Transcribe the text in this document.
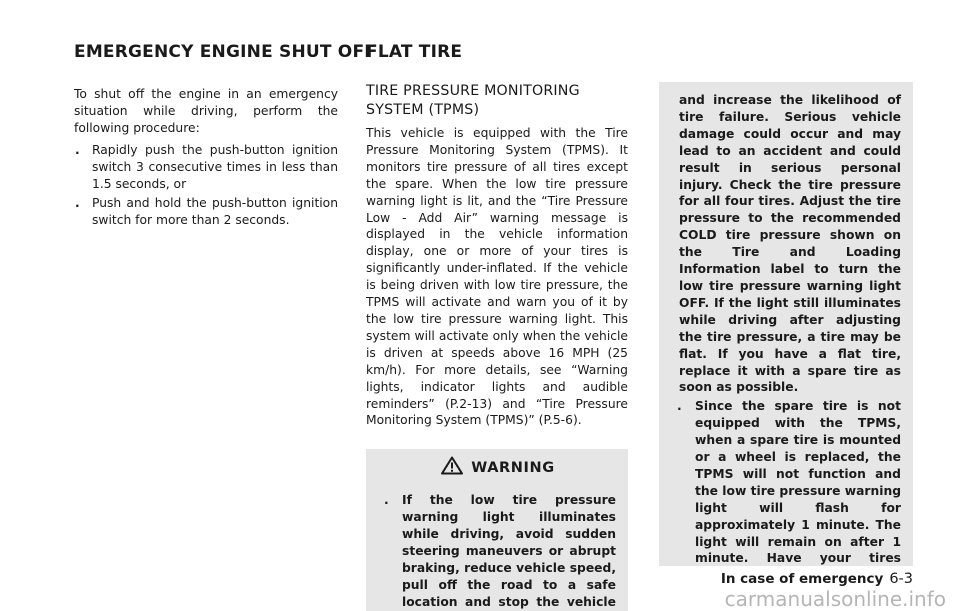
EMERGENCY ENGINE SHUT OFF
FLAT TIRE

To shut off the engine in an emergency situation while driving, perform the following procedure:

. Rapidly push the push-button ignition switch 3 consecutive times in less than 1.5 seconds, or
. Push and hold the push-button ignition switch for more than 2 seconds.
TIRE PRESSURE MONITORING SYSTEM (TPMS)

This vehicle is equipped with the Tire Pressure Monitoring System (TPMS). It monitors tire pressure of all tires except the spare. When the low tire pressure warning light is lit, and the “Tire Pressure Low - Add Air” warning message is displayed in the vehicle information display, one or more of your tires is significantly under-inflated. If the vehicle is being driven with low tire pressure, the TPMS will activate and warn you of it by the low tire pressure warning light. This system will activate only when the vehicle is driven at speeds above 16 MPH (25 km/h). For more details, see “Warning lights, indicator lights and audible reminders” (P.2-13) and “Tire Pressure Monitoring System (TPMS)” (P.5-6).

WARNING
. If the low tire pressure warning light illuminates while driving, avoid sudden steering maneuvers or abrupt braking, reduce vehicle speed, pull off the road to a safe location and stop the vehicle

and increase the likelihood of tire failure. Serious vehicle damage could occur and may lead to an accident and could result in serious personal injury. Check the tire pressure for all four tires. Adjust the tire pressure to the recommended COLD tire pressure shown on the Tire and Loading Information label to turn the low tire pressure warning light OFF. If the light still illuminates while driving after adjusting the tire pressure, a tire may be flat. If you have a flat tire, replace it with a spare tire as soon as possible.

. Since the spare tire is not equipped with the TPMS, when a spare tire is mounted or a wheel is replaced, the TPMS will not function and the low tire pressure warning light will flash for approximately 1 minute. The light will remain on after 1 minute. Have your tires
In case of emergency 6-3
carmanualsonline.info
